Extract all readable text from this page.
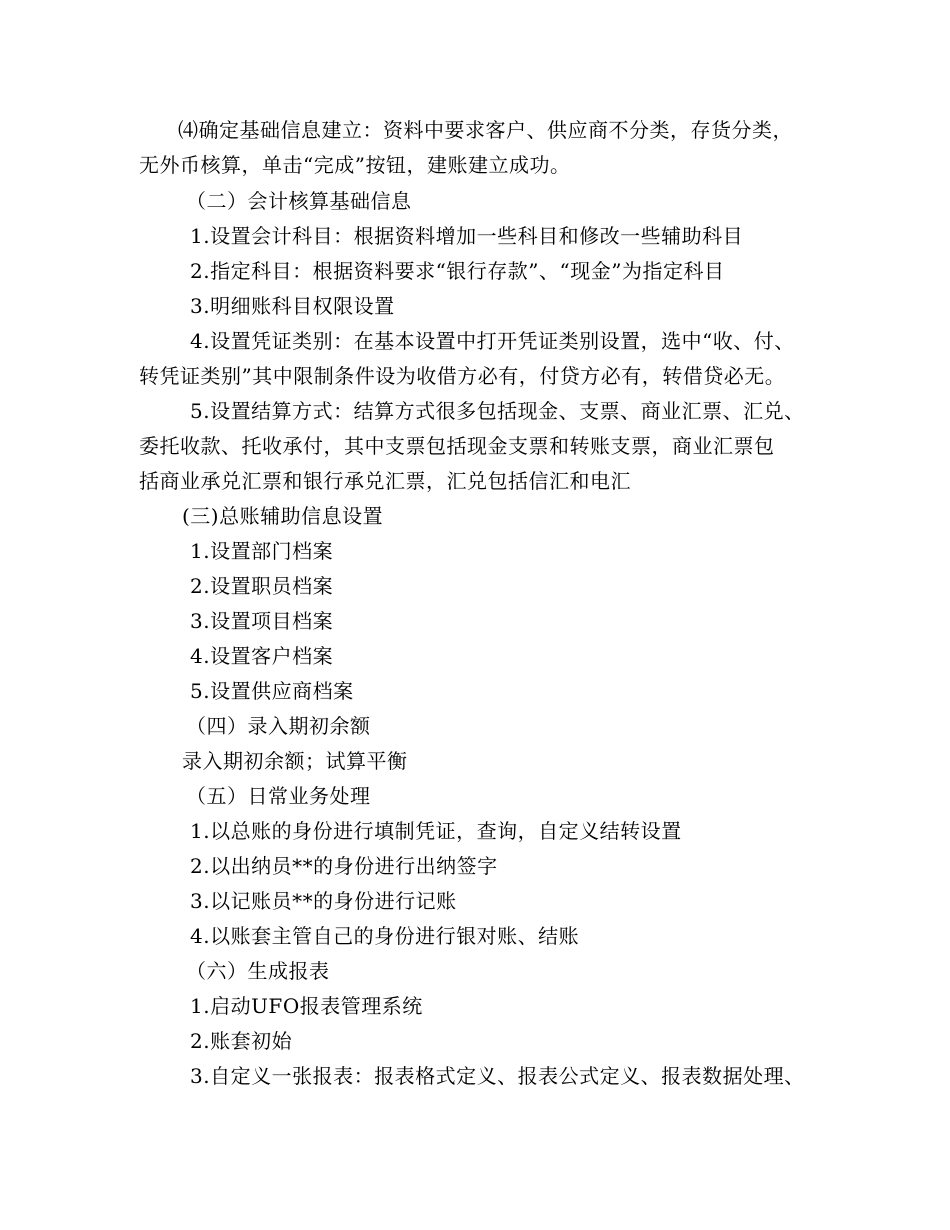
⑷确定基础信息建立：资料中要求客户、供应商不分类，存货分类，
无外币核算，单击“完成”按钮，建账建立成功。
（二）会计核算基础信息
1.设置会计科目：根据资料增加一些科目和修改一些辅助科目
2.指定科目：根据资料要求“银行存款”、“现金”为指定科目
3.明细账科目权限设置
4.设置凭证类别：在基本设置中打开凭证类别设置，选中“收、付、
转凭证类别”其中限制条件设为收借方必有，付贷方必有，转借贷必无。
5.设置结算方式：结算方式很多包括现金、支票、商业汇票、汇兑、
委托收款、托收承付，其中支票包括现金支票和转账支票，商业汇票包
括商业承兑汇票和银行承兑汇票，汇兑包括信汇和电汇
(三)总账辅助信息设置
1.设置部门档案
2.设置职员档案
3.设置项目档案
4.设置客户档案
5.设置供应商档案
（四）录入期初余额
录入期初余额；试算平衡
（五）日常业务处理
1.以总账的身份进行填制凭证，查询，自定义结转设置
2.以出纳员**的身份进行出纳签字
3.以记账员**的身份进行记账
4.以账套主管自己的身份进行银对账、结账
（六）生成报表
1.启动UFO报表管理系统
2.账套初始
3.自定义一张报表：报表格式定义、报表公式定义、报表数据处理、
